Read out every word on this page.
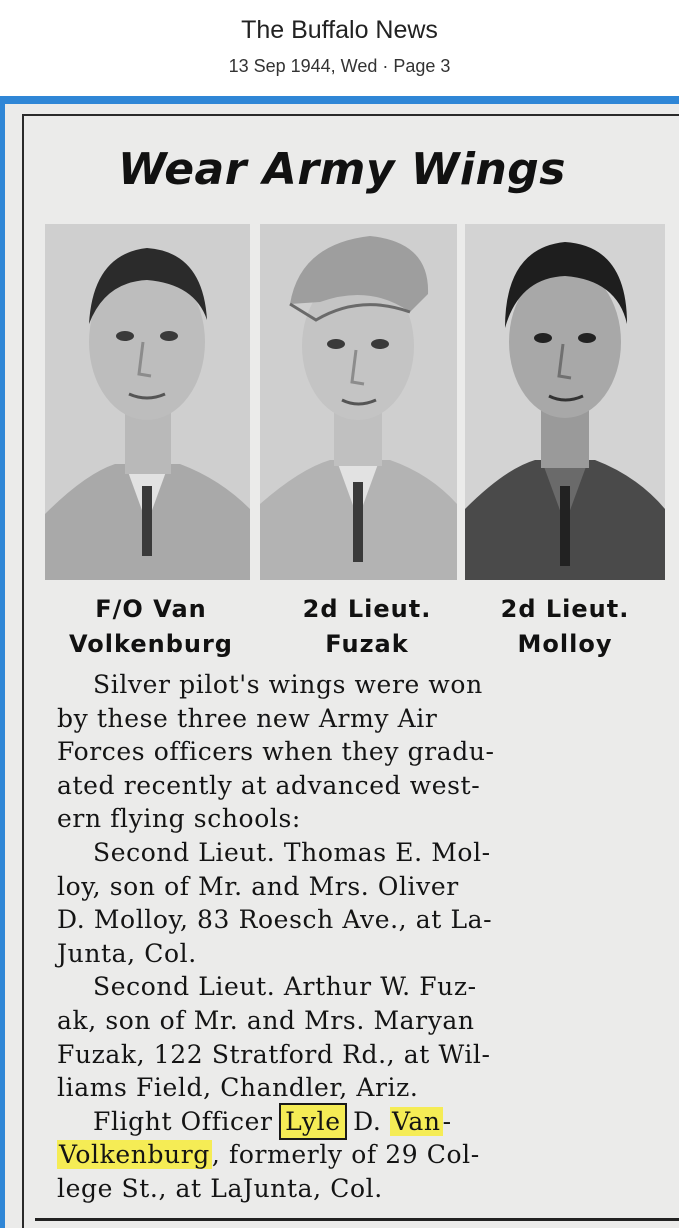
The Buffalo News
13 Sep 1944, Wed · Page 3
Wear Army Wings
F/O Van
Volkenburg
2d Lieut.
Fuzak
2d Lieut.
Molloy
Silver pilot's wings were won
by these three new Army Air
Forces officers when they gradu-
ated recently at advanced west-
ern flying schools:
Second Lieut. Thomas E. Mol-
loy, son of Mr. and Mrs. Oliver
D. Molloy, 83 Roesch Ave., at La-
Junta, Col.
Second Lieut. Arthur W. Fuz-
ak, son of Mr. and Mrs. Maryan
Fuzak, 122 Stratford Rd., at Wil-
liams Field, Chandler, Ariz.
Flight Officer Lyle D. Van-
Volkenburg, formerly of 29 Col-
lege St., at LaJunta, Col.
